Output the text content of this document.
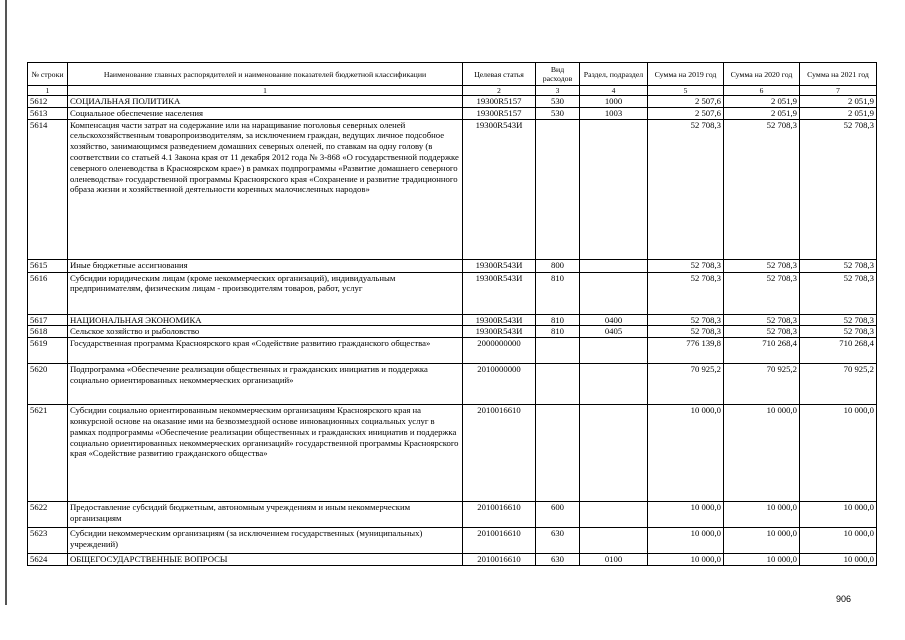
№ строки	Наименование главных распорядителей и наименование показателей бюджетной классификации	Целевая статья	Вид расходов	Раздел, подраздел	Сумма на 2019 год	Сумма на 2020 год	Сумма на 2021 год
1	1	2	3	4	5	6	7
5612	СОЦИАЛЬНАЯ ПОЛИТИКА	19300R5157	530	1000	2 507,6	2 051,9	2 051,9
5613	Социальное обеспечение населения	19300R5157	530	1003	2 507,6	2 051,9	2 051,9
5614	Компенсация части затрат на содержание или на наращивание поголовья северных оленей сельскохозяйственным товаропроизводителям, за исключением граждан, ведущих личное подсобное хозяйство, занимающимся разведением домашних северных оленей, по ставкам на одну голову (в соответствии со статьей 4.1 Закона края от 11 декабря 2012 года № 3-868 «О государственной поддержке северного оленеводства в Красноярском крае») в рамках подпрограммы «Развитие домашнего северного оленеводства» государственной программы Красноярского края «Сохранение и развитие традиционного образа жизни и хозяйственной деятельности коренных малочисленных народов»	19300R543И			52 708,3	52 708,3	52 708,3
5615	Иные бюджетные ассигнования	19300R543И	800		52 708,3	52 708,3	52 708,3
5616	Субсидии юридическим лицам (кроме некоммерческих организаций), индивидуальным предпринимателям, физическим лицам - производителям товаров, работ, услуг	19300R543И	810		52 708,3	52 708,3	52 708,3
5617	НАЦИОНАЛЬНАЯ ЭКОНОМИКА	19300R543И	810	0400	52 708,3	52 708,3	52 708,3
5618	Сельское хозяйство и рыболовство	19300R543И	810	0405	52 708,3	52 708,3	52 708,3
5619	Государственная программа Красноярского края «Содействие развитию гражданского общества»	2000000000			776 139,8	710 268,4	710 268,4
5620	Подпрограмма «Обеспечение реализации общественных и гражданских инициатив и поддержка социально ориентированных некоммерческих организаций»	2010000000			70 925,2	70 925,2	70 925,2
5621	Субсидии социально ориентированным некоммерческим организациям Красноярского края на конкурсной основе на оказание ими на безвозмездной основе инновационных социальных услуг в рамках подпрограммы «Обеспечение реализации общественных и гражданских инициатив и поддержка социально ориентированных некоммерческих организаций» государственной программы Красноярского края «Содействие развитию гражданского общества»	2010016610			10 000,0	10 000,0	10 000,0
5622	Предоставление субсидий бюджетным, автономным учреждениям и иным некоммерческим организациям	2010016610	600		10 000,0	10 000,0	10 000,0
5623	Субсидии некоммерческим организациям (за исключением государственных (муниципальных) учреждений)	2010016610	630		10 000,0	10 000,0	10 000,0
5624	ОБЩЕГОСУДАРСТВЕННЫЕ ВОПРОСЫ	2010016610	630	0100	10 000,0	10 000,0	10 000,0
906
